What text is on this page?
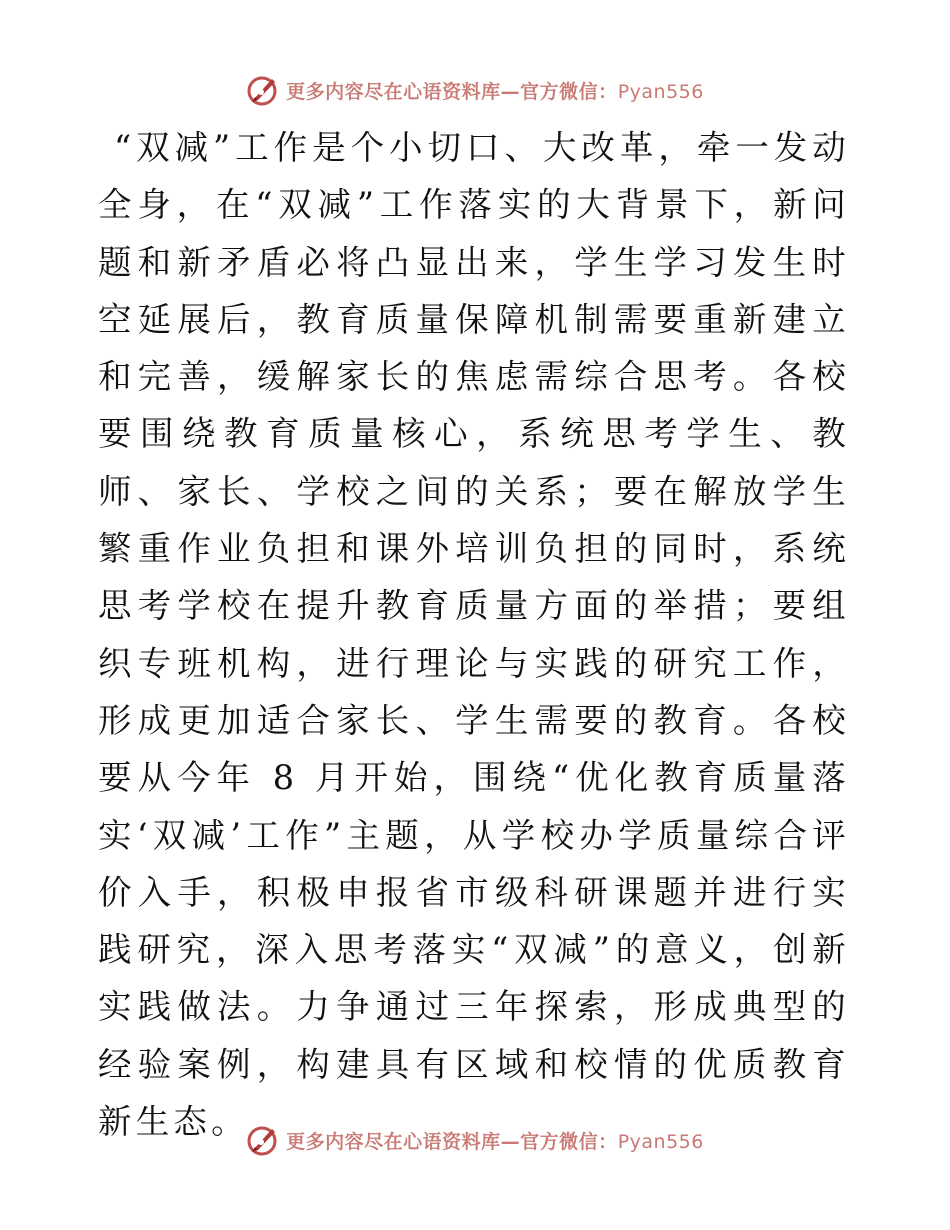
更多内容尽在心语资料库—官方微信：Pyan556

“双减”工作是个小切口、大改革，牵一发动全身，在“双减”工作落实的大背景下，新问题和新矛盾必将凸显出来，学生学习发生时空延展后，教育质量保障机制需要重新建立和完善，缓解家长的焦虑需综合思考。各校要围绕教育质量核心，系统思考学生、教师、家长、学校之间的关系；要在解放学生繁重作业负担和课外培训负担的同时，系统思考学校在提升教育质量方面的举措；要组织专班机构，进行理论与实践的研究工作，形成更加适合家长、学生需要的教育。各校要从今年 8 月开始，围绕“优化教育质量落实‘双减’工作”主题，从学校办学质量综合评价入手，积极申报省市级科研课题并进行实践研究，深入思考落实“双减”的意义，创新实践做法。力争通过三年探索，形成典型的经验案例，构建具有区域和校情的优质教育新生态。

更多内容尽在心语资料库—官方微信：Pyan556
